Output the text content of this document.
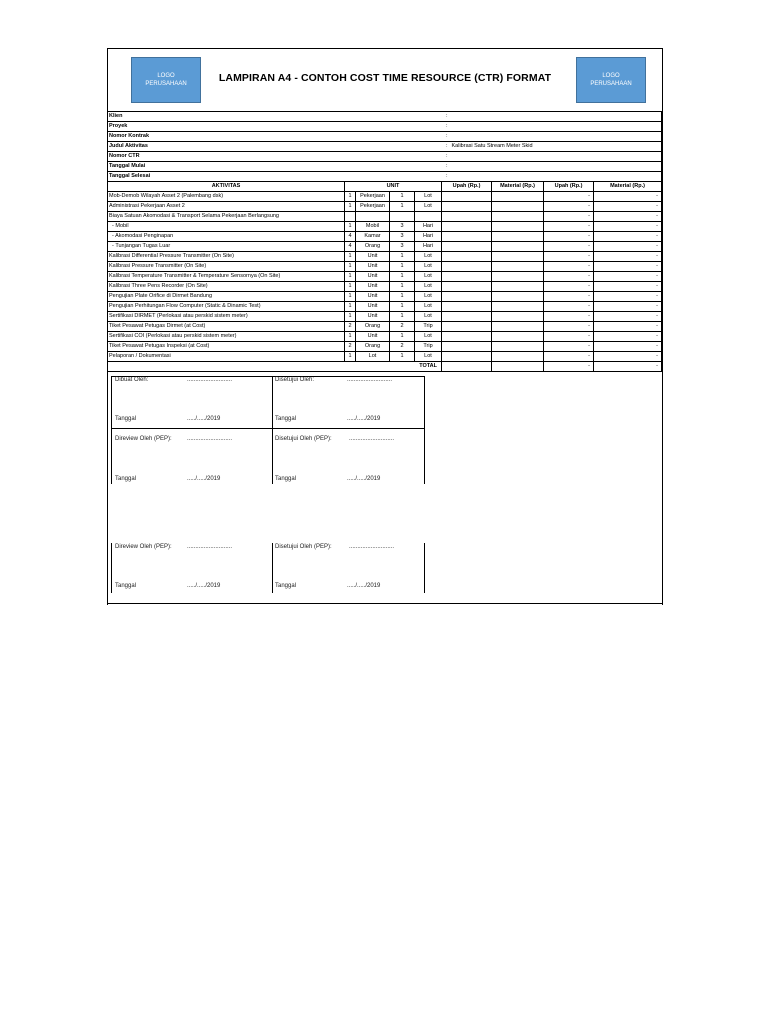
LOGO
PERUSAHAAN	LAMPIRAN A4 - CONTOH COST TIME RESOURCE (CTR) FORMAT	LOGO
PERUSAHAAN
Klien					:			
Proyek					:			
Nomor Kontrak					:			
Judul Aktivitas					: Kalibrasi Satu Stream Meter Skid			
Nomor CTR					:			
Tanggal Mulai					:			
Tanggal Selesai					:			
AKTIVITAS	UNIT				Upah (Rp.)	Material (Rp.)	Upah (Rp.)	Material (Rp.)
Mob-Demob Wilayah Asset 2 (Palembang dsk)	1	Pekerjaan	1	Lot			-	-
Administrasi Pekerjaan Asset 2	1	Pekerjaan	1	Lot			-	-
Biaya Satuan Akomodasi & Transport Selama Pekerjaan Berlangsung							-	-
- Mobil	1	Mobil	3	Hari			-	-
- Akomodasi Penginapan	4	Kamar	3	Hari			-	-
- Tunjangan Tugas Luar	4	Orang	3	Hari			-	-
Kalibrasi Differential Pressure Transmitter (On Site)	1	Unit	1	Lot			-	-
Kalibrasi Pressure Transmitter (On Site)	1	Unit	1	Lot			-	-
Kalibrasi Temperature Transmitter & Temperature Sensornya (On Site)	1	Unit	1	Lot			-	-
Kalibrasi Three Pens Recorder (On Site)	1	Unit	1	Lot			-	-
Pengujian Plate Orifice di Dirmet Bandung	1	Unit	1	Lot			-	-
Pengujian Perhitungan Flow Computer (Static & Dinamic Test)	1	Unit	1	Lot			-	-
Sertifikasi DIRMET (Perlokasi atau perskid sistem meter)	1	Unit	1	Lot			-	-
Tiket Pesawat Petugas Dirmet (at Cost)	2	Orang	2	Trip			-	-
Sertifikasi COI (Perlokasi atau perskid sistem meter)	1	Unit	1	Lot			-	-
Tiket Pesawat Petugas Inspeksi (at Cost)	2	Orang	2	Trip			-	-
Pelaporan / Dokumentasi	1	Lot	1	Lot			-	-
TOTAL							-	-
Dibuat Oleh:	...........................	Disetujui Oleh:	...........................
Tanggal	...../...../2019	Tanggal	...../...../2019
Direview Oleh (PEP):	...........................	Disetujui Oleh (PEP):	...........................
Tanggal	...../...../2019	Tanggal	...../...../2019
Direview Oleh (PEP):	...........................	Disetujui Oleh (PEP):	...........................
Tanggal	...../...../2019	Tanggal	...../...../2019
